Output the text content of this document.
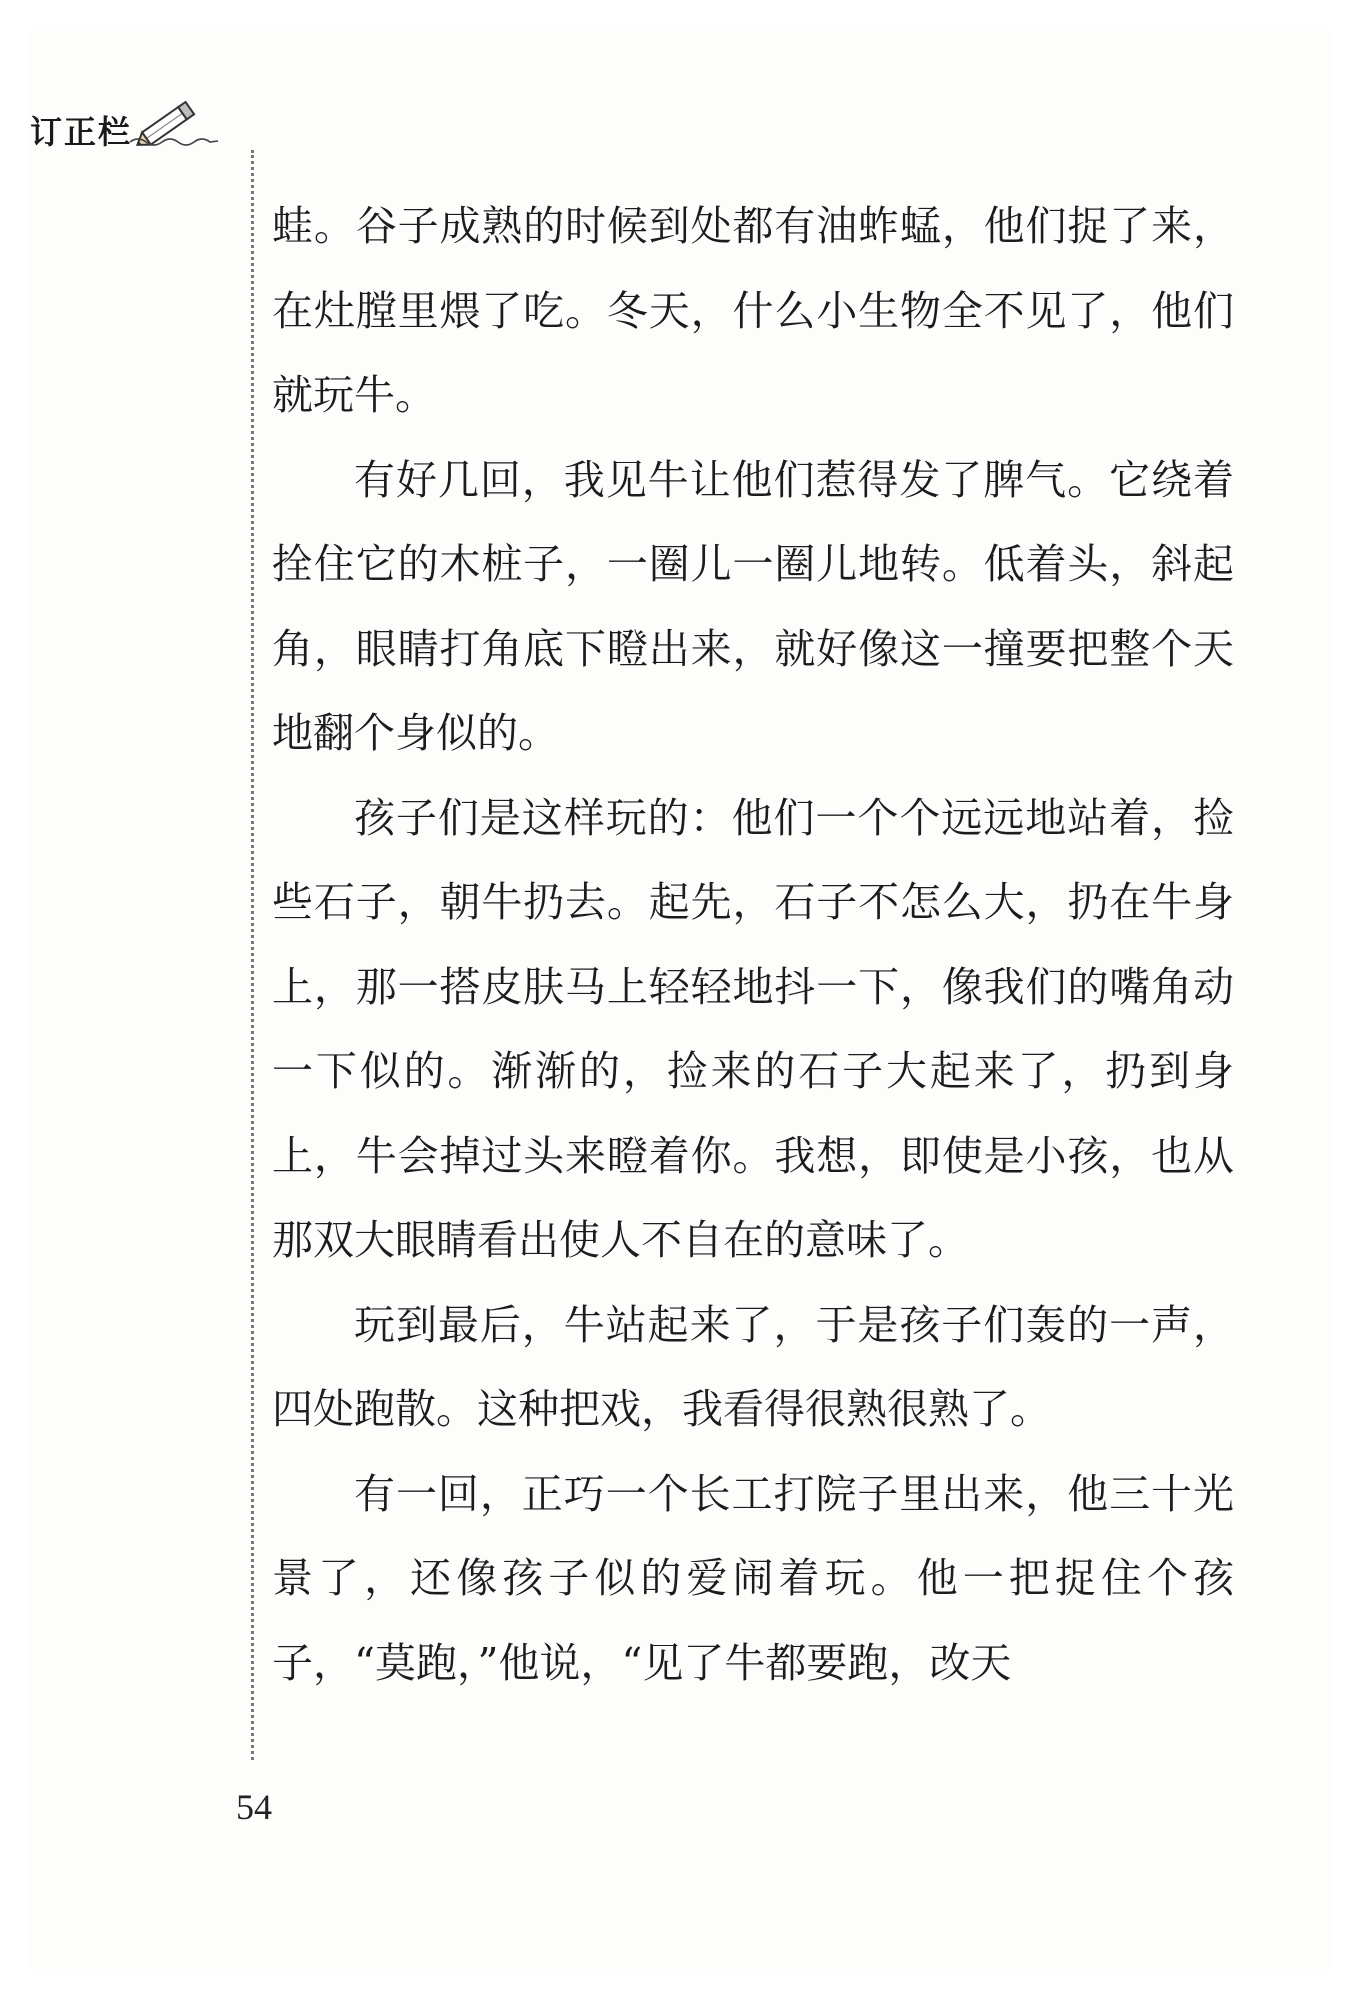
订正栏

蛙。谷子成熟的时候到处都有油蚱蜢，他们捉了来，在灶膛里煨了吃。冬天，什么小生物全不见了，他们就玩牛。

有好几回，我见牛让他们惹得发了脾气。它绕着拴住它的木桩子，一圈儿一圈儿地转。低着头，斜起角，眼睛打角底下瞪出来，就好像这一撞要把整个天地翻个身似的。

孩子们是这样玩的：他们一个个远远地站着，捡些石子，朝牛扔去。起先，石子不怎么大，扔在牛身上，那一搭皮肤马上轻轻地抖一下，像我们的嘴角动一下似的。渐渐的，捡来的石子大起来了，扔到身上，牛会掉过头来瞪着你。我想，即使是小孩，也从那双大眼睛看出使人不自在的意味了。

玩到最后，牛站起来了，于是孩子们轰的一声，四处跑散。这种把戏，我看得很熟很熟了。

有一回，正巧一个长工打院子里出来，他三十光景了，还像孩子似的爱闹着玩。他一把捉住个孩子，“莫跑，”他说，“见了牛都要跑，改天

54
